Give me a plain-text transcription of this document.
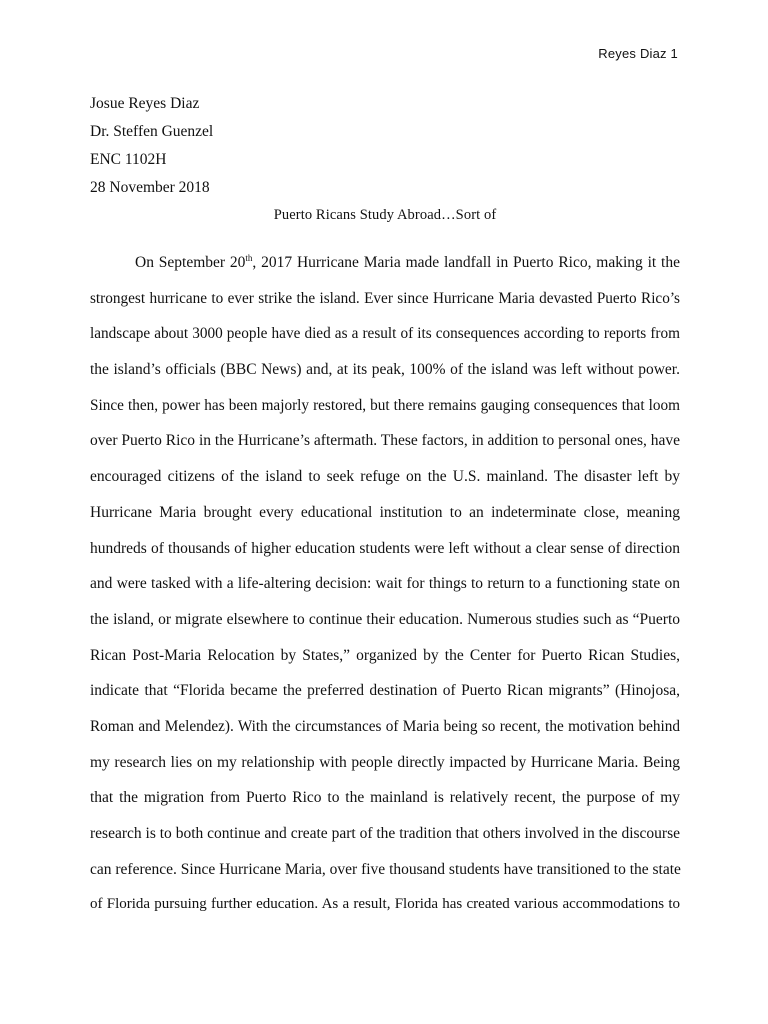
Reyes Diaz 1
Josue Reyes Diaz
Dr. Steffen Guenzel
ENC 1102H
28 November 2018
Puerto Ricans Study Abroad…Sort of
On September 20th, 2017 Hurricane Maria made landfall in Puerto Rico, making it the
strongest hurricane to ever strike the island. Ever since Hurricane Maria devasted Puerto Rico’s
landscape about 3000 people have died as a result of its consequences according to reports from
the island’s officials (BBC News) and, at its peak, 100% of the island was left without power.
Since then, power has been majorly restored, but there remains gauging consequences that loom
over Puerto Rico in the Hurricane’s aftermath. These factors, in addition to personal ones, have
encouraged citizens of the island to seek refuge on the U.S. mainland. The disaster left by
Hurricane Maria brought every educational institution to an indeterminate close, meaning
hundreds of thousands of higher education students were left without a clear sense of direction
and were tasked with a life-altering decision: wait for things to return to a functioning state on
the island, or migrate elsewhere to continue their education. Numerous studies such as “Puerto
Rican Post-Maria Relocation by States,” organized by the Center for Puerto Rican Studies,
indicate that “Florida became the preferred destination of Puerto Rican migrants” (Hinojosa,
Roman and Melendez). With the circumstances of Maria being so recent, the motivation behind
my research lies on my relationship with people directly impacted by Hurricane Maria. Being
that the migration from Puerto Rico to the mainland is relatively recent, the purpose of my
research is to both continue and create part of the tradition that others involved in the discourse
can reference. Since Hurricane Maria, over five thousand students have transitioned to the state
of Florida pursuing further education. As a result, Florida has created various accommodations to
